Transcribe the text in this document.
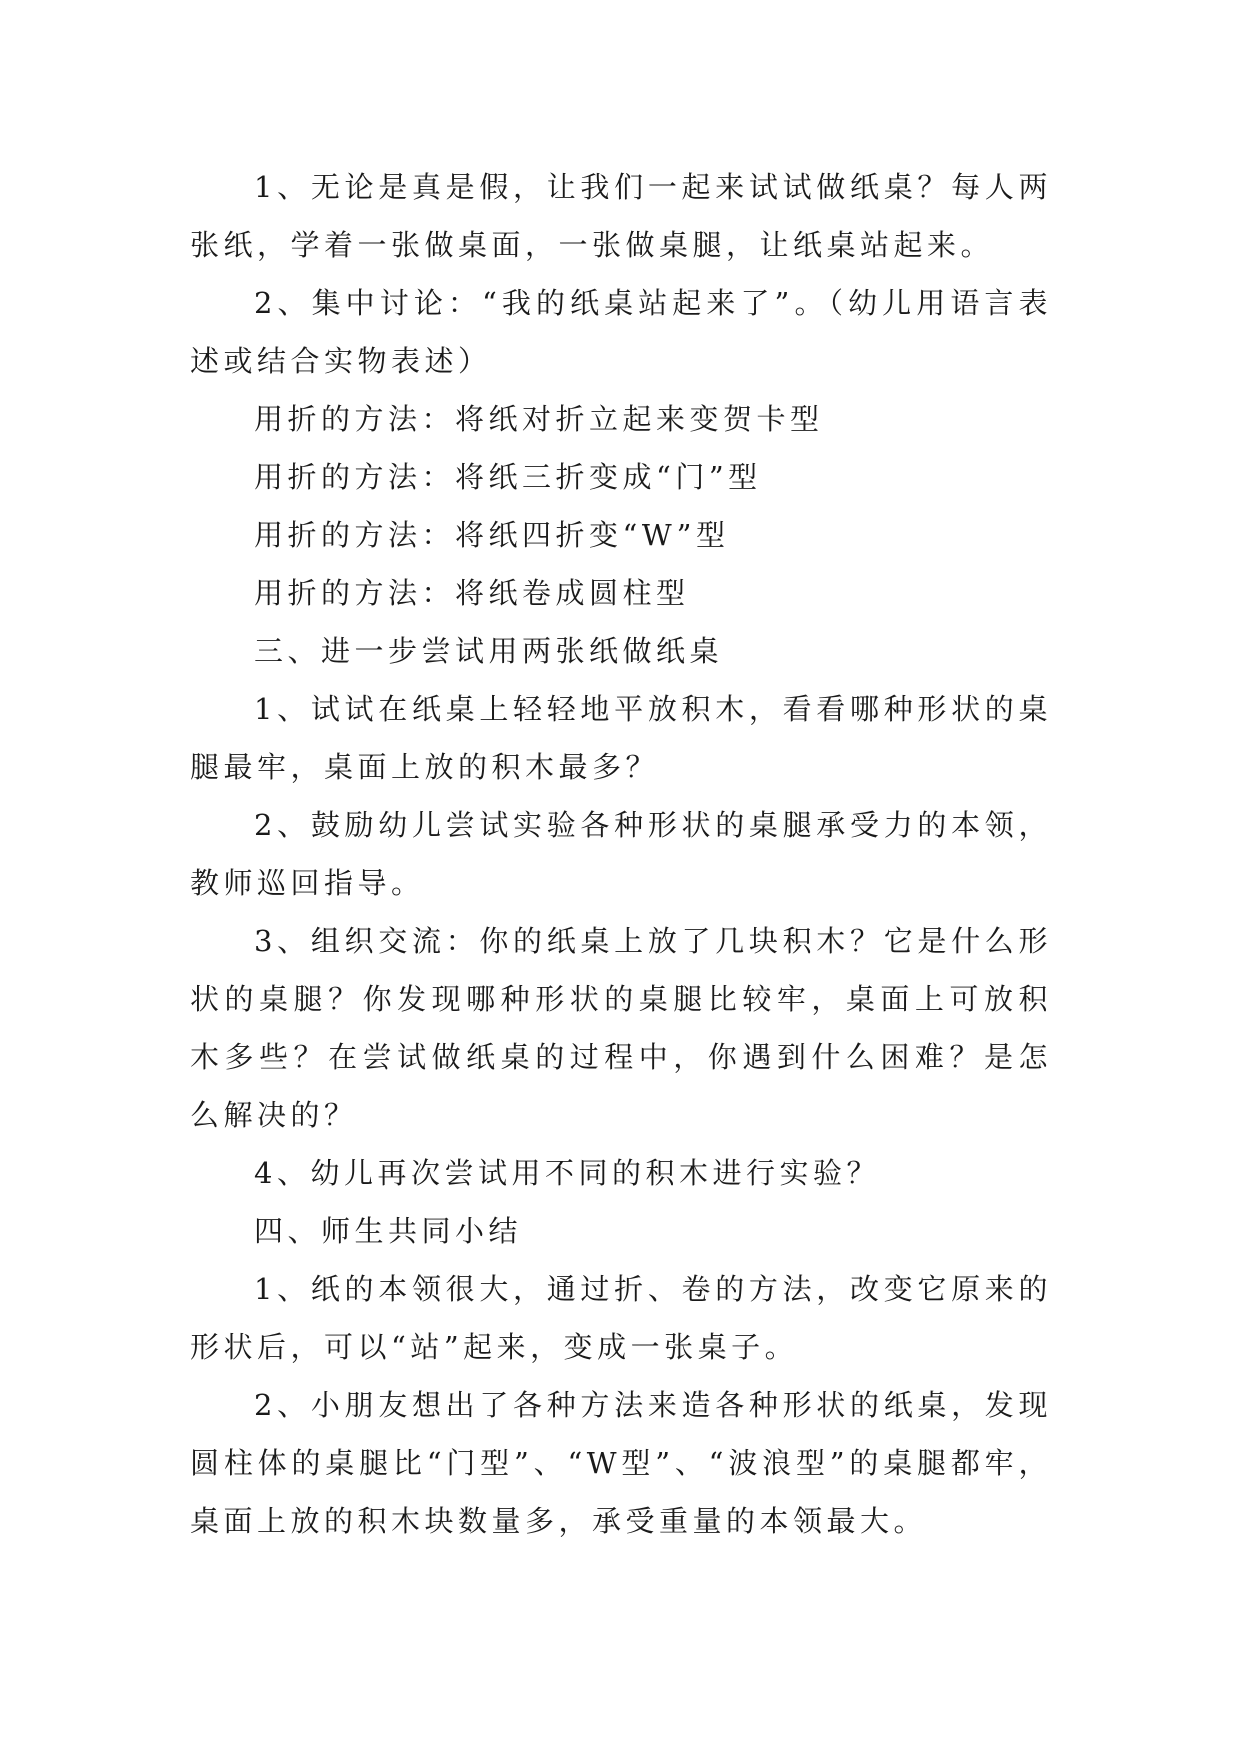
1、无论是真是假，让我们一起来试试做纸桌？每人两张纸，学着一张做桌面，一张做桌腿，让纸桌站起来。

2、集中讨论：“我的纸桌站起来了”。（幼儿用语言表述或结合实物表述）

用折的方法：将纸对折立起来变贺卡型

用折的方法：将纸三折变成“门”型

用折的方法：将纸四折变“W”型

用折的方法：将纸卷成圆柱型

三、进一步尝试用两张纸做纸桌

1、试试在纸桌上轻轻地平放积木，看看哪种形状的桌腿最牢，桌面上放的积木最多？

2、鼓励幼儿尝试实验各种形状的桌腿承受力的本领，教师巡回指导。

3、组织交流：你的纸桌上放了几块积木？它是什么形状的桌腿？你发现哪种形状的桌腿比较牢，桌面上可放积木多些？在尝试做纸桌的过程中，你遇到什么困难？是怎么解决的？

4、幼儿再次尝试用不同的积木进行实验？

四、师生共同小结

1、纸的本领很大，通过折、卷的方法，改变它原来的形状后，可以“站”起来，变成一张桌子。

2、小朋友想出了各种方法来造各种形状的纸桌，发现圆柱体的桌腿比“门型”、“W型”、“波浪型”的桌腿都牢，桌面上放的积木块数量多，承受重量的本领最大。
